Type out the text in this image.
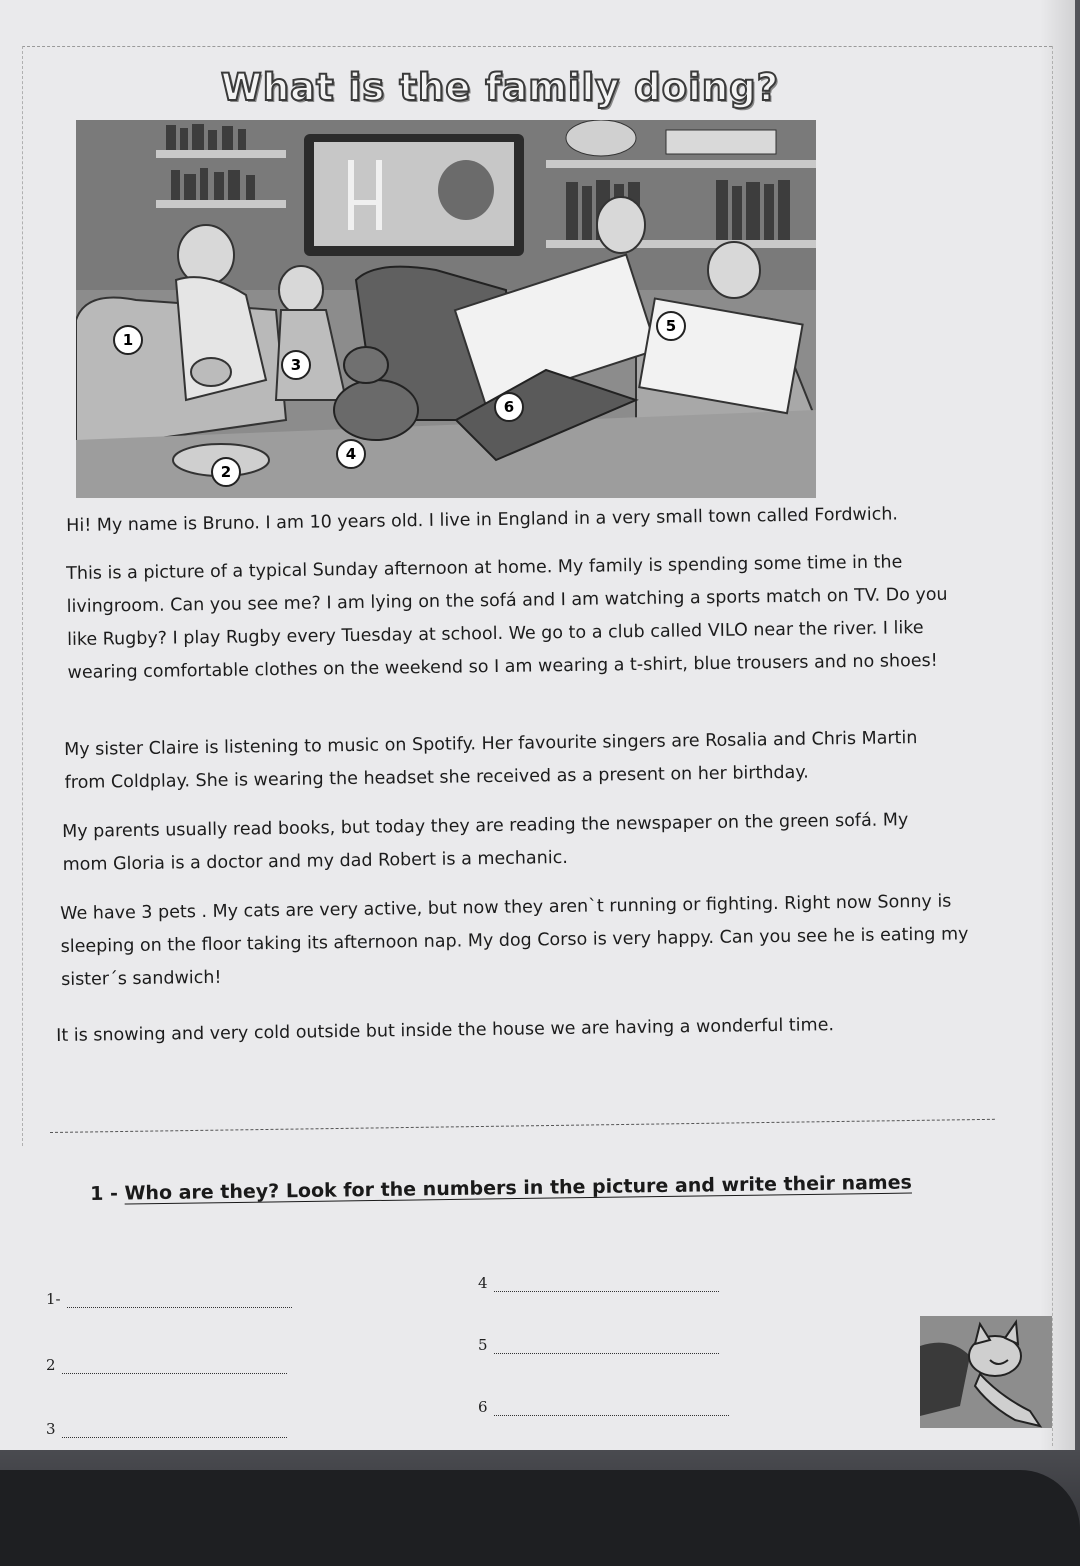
What is the family doing?
1
2
3
4
5
6

Hi! My name is Bruno. I am 10 years old. I live in England in a very small town called Fordwich.

This is a picture of a typical Sunday afternoon at home. My family is spending some time in the livingroom. Can you see me? I am lying on the sofá and I am watching a sports match on TV. Do you like Rugby? I play Rugby every Tuesday at school. We go to a club called VILO near the river. I like wearing comfortable clothes on the weekend so I am wearing a t-shirt, blue trousers and no shoes!

My sister Claire is listening to music on Spotify. Her favourite singers are Rosalia and Chris Martin from Coldplay. She is wearing the headset she received as a present on her birthday.

My parents usually read books, but today they are reading the newspaper on the green sofá. My mom Gloria is a doctor and my dad Robert is a mechanic.

We have 3 pets . My cats are very active, but now they aren`t running or fighting. Right now Sonny is sleeping on the floor taking its afternoon nap. My dog Corso is very happy. Can you see he is eating my sister´s sandwich!

It is snowing and very cold outside but inside the house we are having a wonderful time.

1 - Who are they? Look for the numbers in the picture and write their names
1-
2
3
4
5
6
